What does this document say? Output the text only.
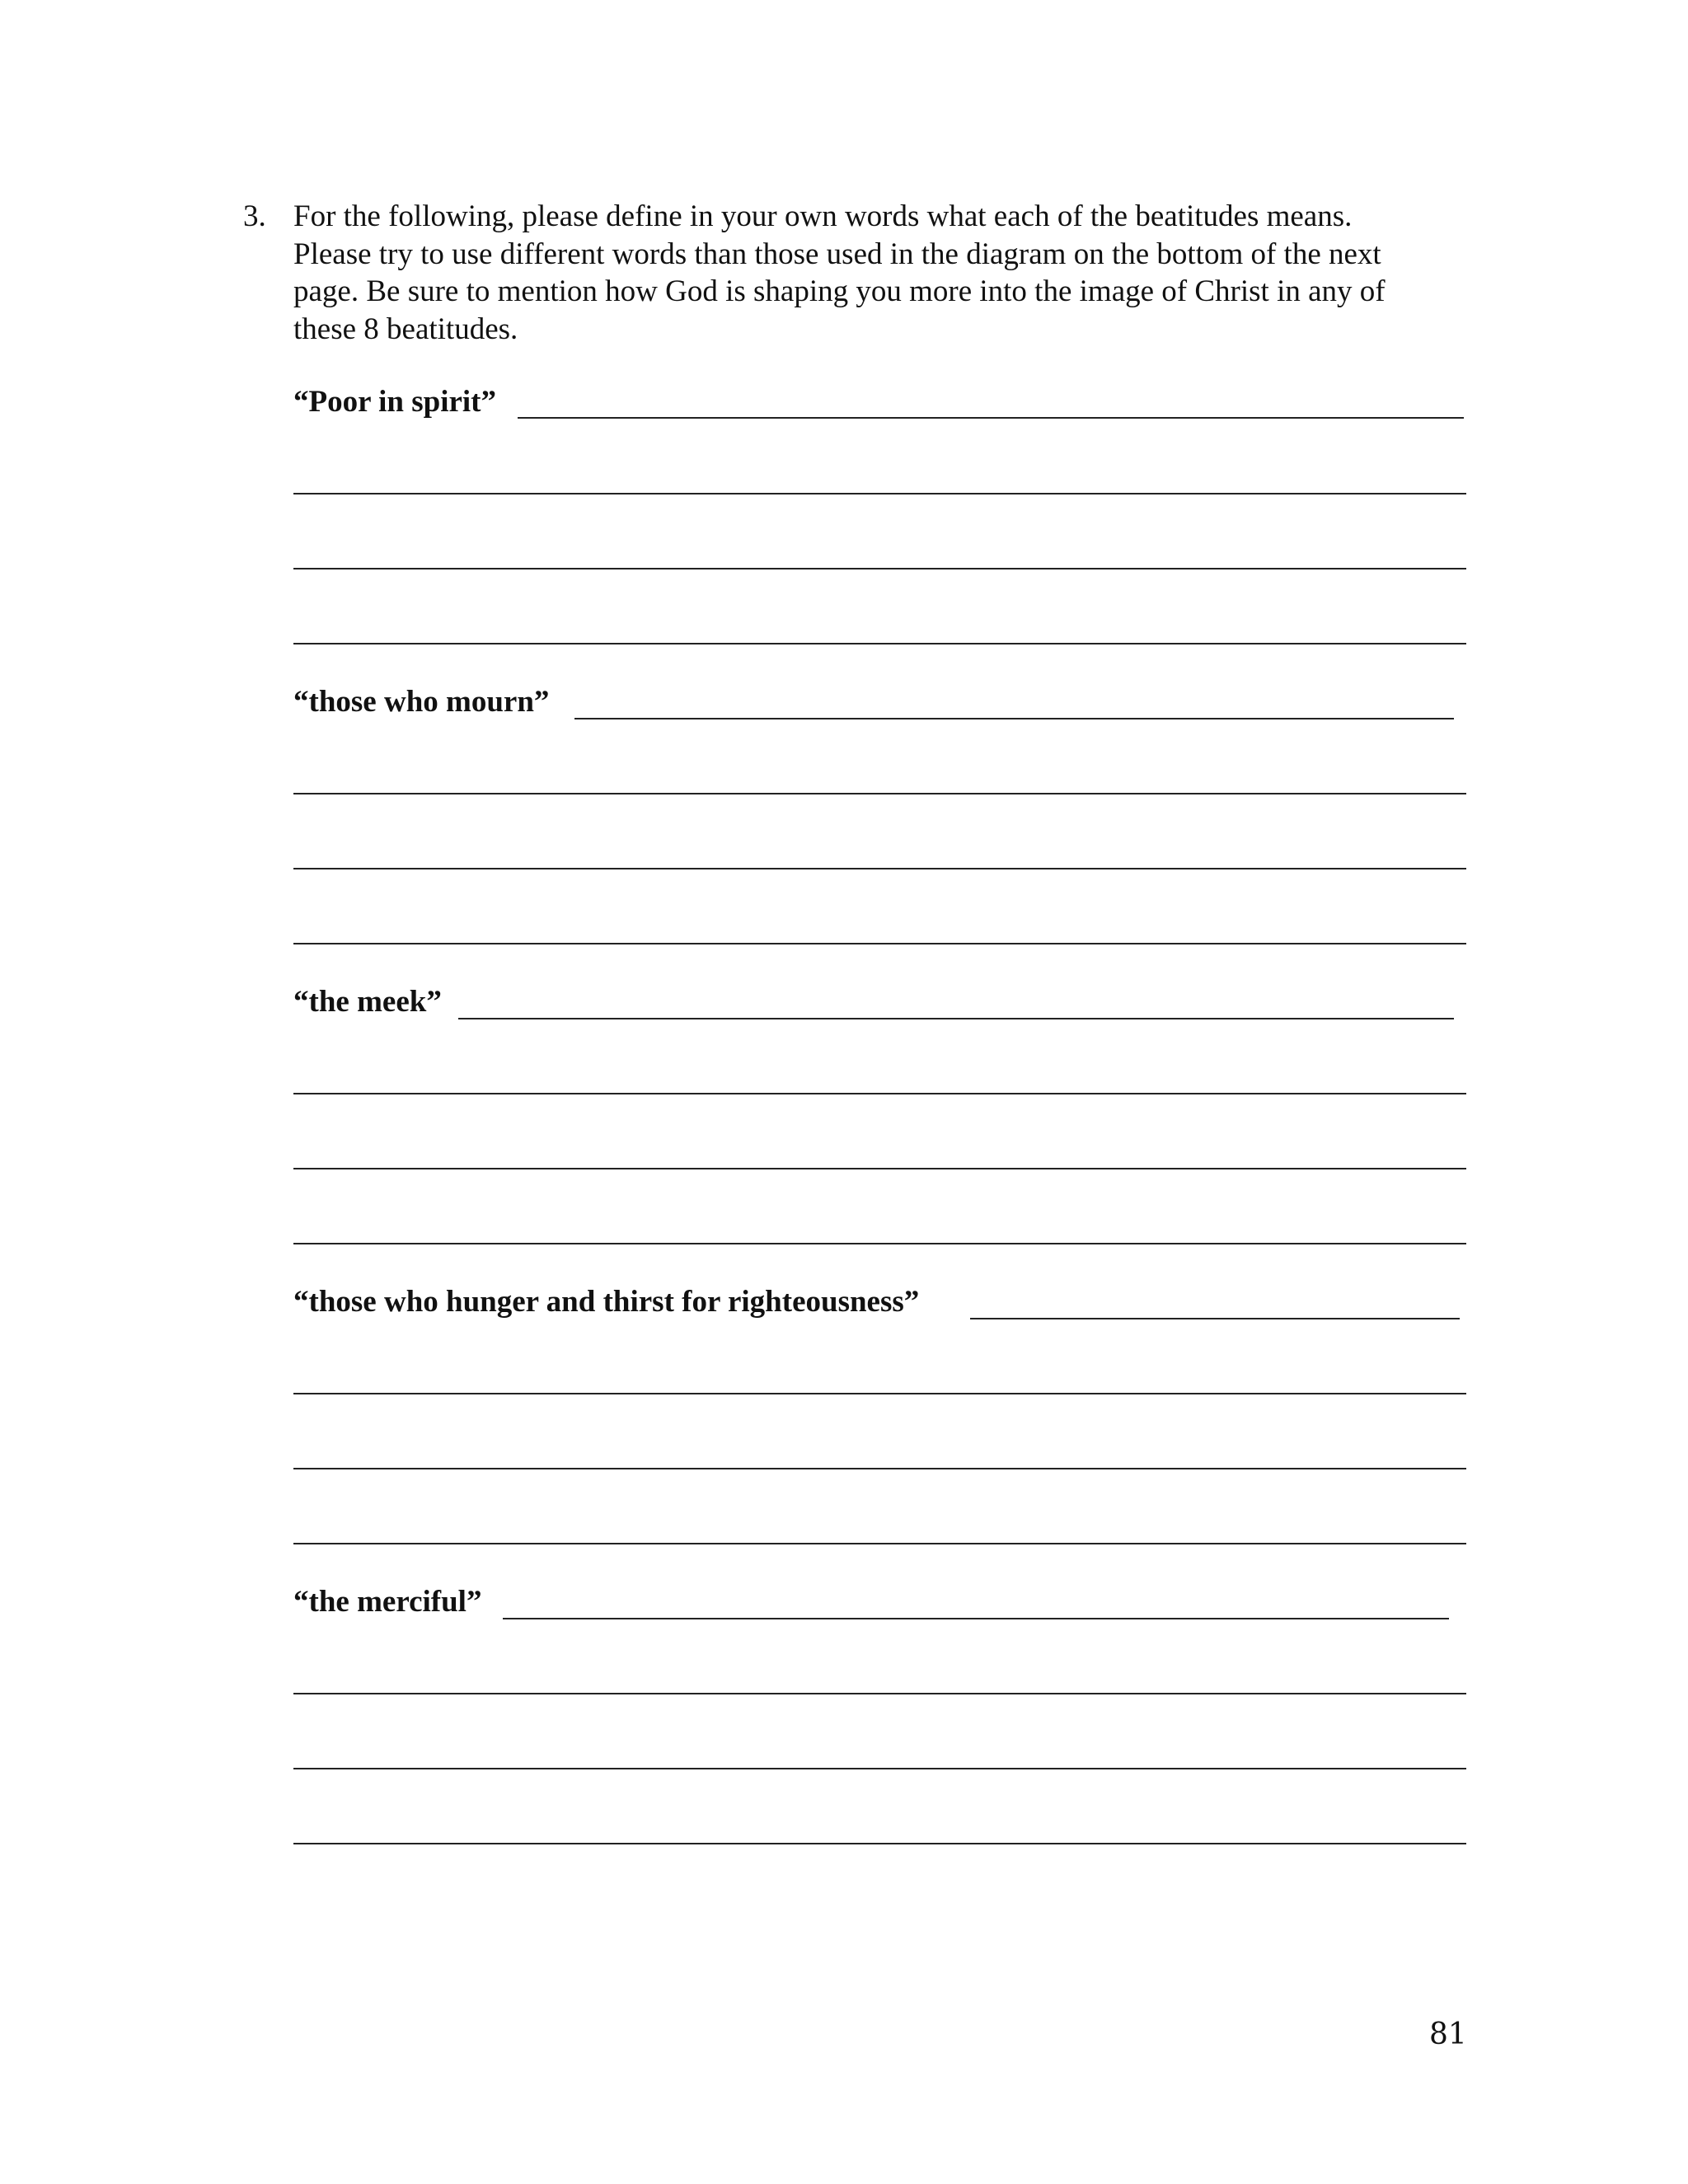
3. For the following, please define in your own words what each of the beatitudes means.
Please try to use different words than those used in the diagram on the bottom of the next
page. Be sure to mention how God is shaping you more into the image of Christ in any of
these 8 beatitudes.
“Poor in spirit”
“those who mourn”
“the meek”
“those who hunger and thirst for righteousness”
“the merciful”
81
